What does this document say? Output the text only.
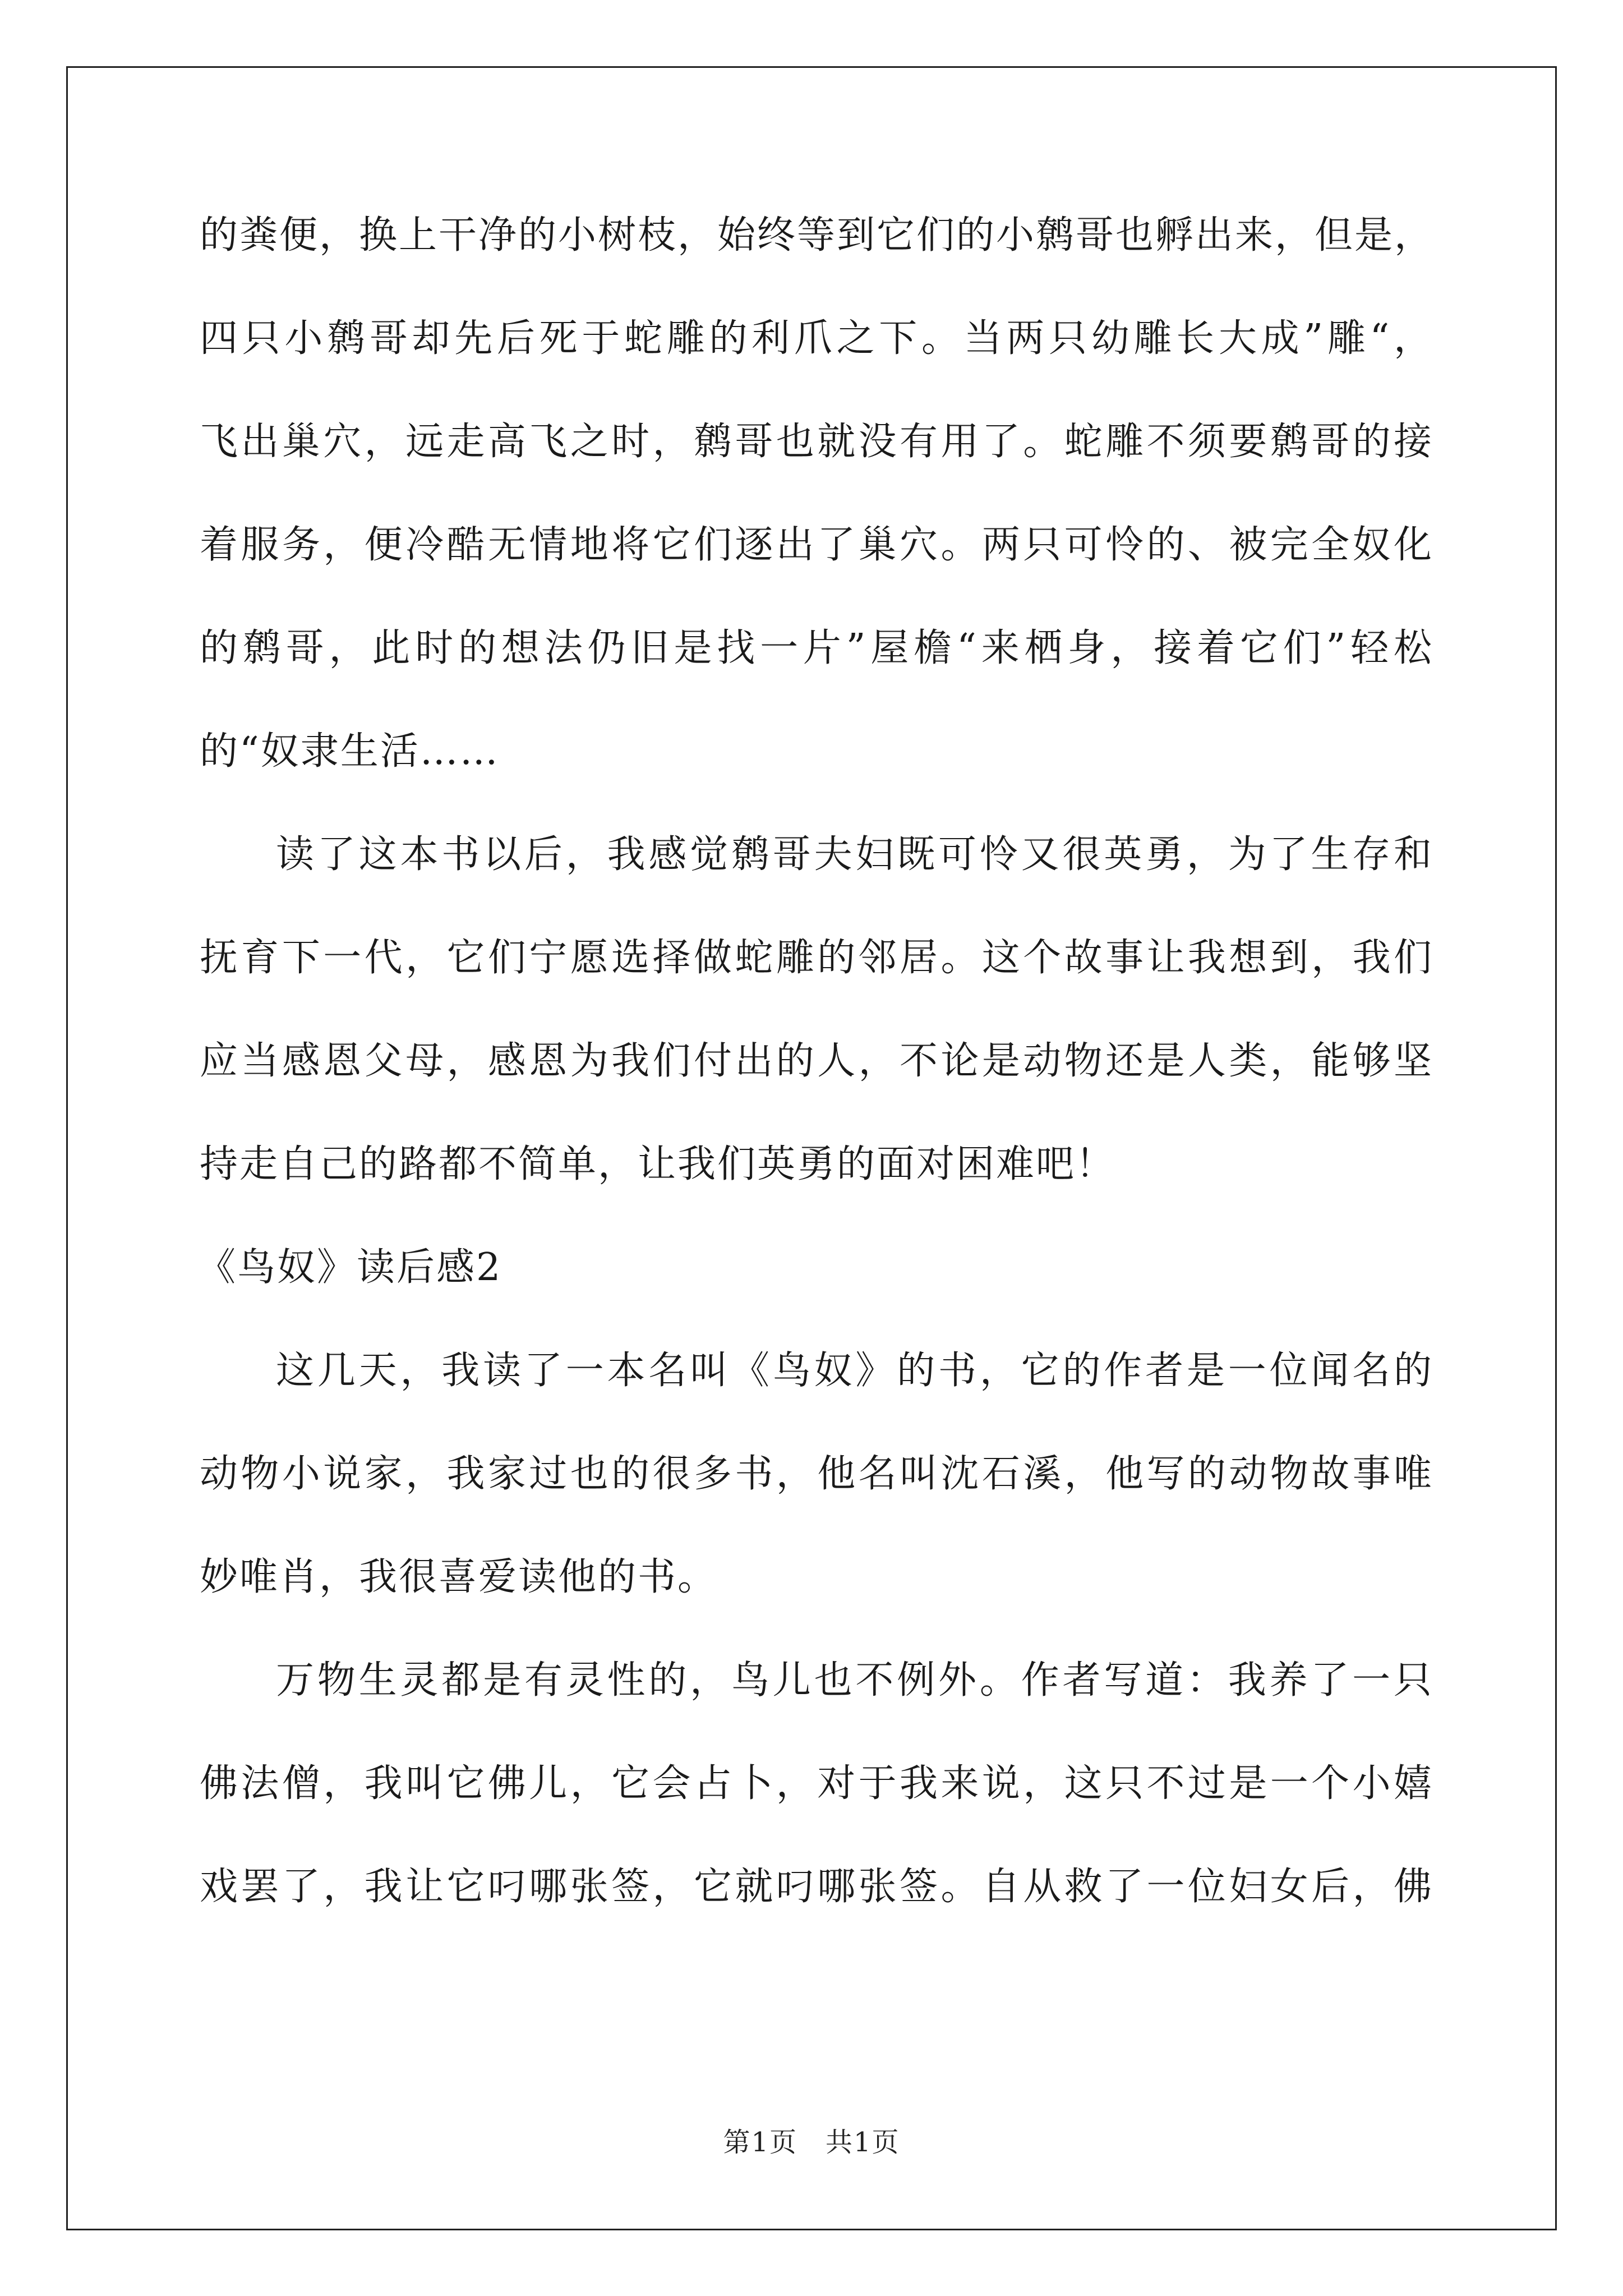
的粪便，换上干净的小树枝，始终等到它们的小鹩哥也孵出来，但是，
四只小鹩哥却先后死于蛇雕的利爪之下。当两只幼雕长大成”雕“，
飞出巢穴，远走高飞之时，鹩哥也就没有用了。蛇雕不须要鹩哥的接
着服务，便冷酷无情地将它们逐出了巢穴。两只可怜的、被完全奴化
的鹩哥，此时的想法仍旧是找一片”屋檐“来栖身，接着它们”轻松
的“奴隶生活……
读了这本书以后，我感觉鹩哥夫妇既可怜又很英勇，为了生存和
抚育下一代，它们宁愿选择做蛇雕的邻居。这个故事让我想到，我们
应当感恩父母，感恩为我们付出的人，不论是动物还是人类，能够坚
持走自己的路都不简单，让我们英勇的面对困难吧！
《鸟奴》读后感2
这几天，我读了一本名叫《鸟奴》的书，它的作者是一位闻名的
动物小说家，我家过也的很多书，他名叫沈石溪，他写的动物故事唯
妙唯肖，我很喜爱读他的书。
万物生灵都是有灵性的，鸟儿也不例外。作者写道：我养了一只
佛法僧，我叫它佛儿，它会占卜，对于我来说，这只不过是一个小嬉
戏罢了，我让它叼哪张签，它就叼哪张签。自从救了一位妇女后，佛
第1页　共1页
